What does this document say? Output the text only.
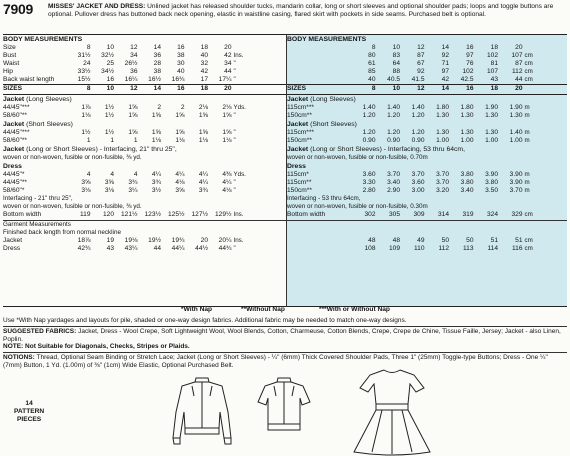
7909 MISSES' JACKET AND DRESS: Unlined jacket has released shoulder tucks, mandarin collar, long or short sleeves and optional shoulder pads; loops and toggle buttons are optional. Pullover dress has buttoned back neck opening, elastic in waistline casing, flared skirt with pockets in side seams. Purchased belt is optional.
BODY MEASUREMENTS
Size	8	10	12	14	16	18	20
Bust	31½	32½	34	36	38	40	42 Ins.
Waist	24	25	26½	28	30	32	34 "
Hip	33½	34½	36	38	40	42	44 "
Back waist length	15½	16	16¼	16½	16¾	17	17¼ "
SIZES	8	10	12	14	16	18	20
Jacket (Long Sleeves)
44/45"***	1⅞	1½	1⅝	2	2	2⅛	2⅛ Yds.
58/60"**	1⅛	1½	1⅝	1⅝	1⅝	1⅝	1⅝ "
Jacket (Short Sleeves)
44/45"***	1½	1½	1⅝	1⅝	1⅝	1⅝	1⅝ "
58/60"**	1	1	1	1⅛	1⅛	1⅛	1⅛ "
Jacket (Long or Short Sleeves) - Interfacing, 21" thru 25",
woven or non-woven, fusible or non-fusible, ⅜ yd.
Dress
44/45"*	4	4	4	4¼	4¼	4¼	4⅜ Yds.
44/45"**	3⅝	3⅝	3¾	3¾	4⅛	4¼	4¼ "
58/60"*	3⅛	3⅛	3¼	3½	3⅝	3¾	4⅛ "
Interfacing - 21" thru 25",
woven or non-woven, fusible or non-fusible, ⅜ yd.
Bottom width	119	120	121½	123½	125½	127½	129½ Ins.
Garment Measurements
Finished back length from normal neckline
Jacket	18⅞	19	19⅛	19½	19¾	20	20¼ Ins.
Dress	42¾	43	43¼	44	44¼	44½	44¾ "
BODY MEASUREMENTS
8	10	12	14	16	18	20
80	83	87	92	97	102	107 cm
61	64	67	71	76	81	87 cm
85	88	92	97	102	107	112 cm
40	40.5	41.5	42	42.5	43	44 cm
SIZES	8	10	12	14	16	18	20
Jacket (Long Sleeves)
115cm***	1.40	1.40	1.40	1.80	1.80	1.90	1.90 m
150cm**	1.20	1.20	1.20	1.30	1.30	1.30	1.30 m
Jacket (Short Sleeves)
115cm***	1.20	1.20	1.20	1.30	1.30	1.30	1.40 m
150cm**	0.90	0.90	0.90	1.00	1.00	1.00	1.00 m
Jacket (Long or Short Sleeves) - Interfacing, 53 thru 64cm,
woven or non-woven, fusible or non-fusible, 0.70m
Dress
115cm*	3.60	3.70	3.70	3.70	3.80	3.90	3.90 m
115cm**	3.30	3.40	3.60	3.70	3.80	3.80	3.90 m
150cm**	2.80	2.90	3.00	3.20	3.40	3.50	3.70 m
Interfacing - 53 thru 64cm,
woven or non-woven, fusible or non-fusible, 0.30m
Bottom width	302	305	309	314	319	324	329 cm
48	48	49	50	50	51	51 cm
108	109	110	112	113	114	116 cm
*With Nap	**Without Nap	***With or Without Nap

Use *With Nap yardages and layouts for pile, shaded or one-way design fabrics. Additional fabric may be needed to match one-way designs.

SUGGESTED FABRICS: Jacket, Dress - Wool Crepe, Soft Lightweight Wool, Wool Blends, Cotton, Charmeuse, Cotton Blends, Crepe, Crepe de Chine, Tissue Faille, Jersey; Jacket - also Linen, Poplin.
NOTE: Not Suitable for Diagonals, Checks, Stripes or Plaids.

NOTIONS: Thread, Optional Seam Binding or Stretch Lace; Jacket (Long or Short Sleeves) - ¼" (6mm) Thick Covered Shoulder Pads, Three 1" (25mm) Toggle-type Buttons; Dress - One ¼" (7mm) Button, 1 Yd. (1.00m) of ⅜" (1cm) Wide Elastic, Optional Purchased Belt.

14
PATTERN
PIECES
